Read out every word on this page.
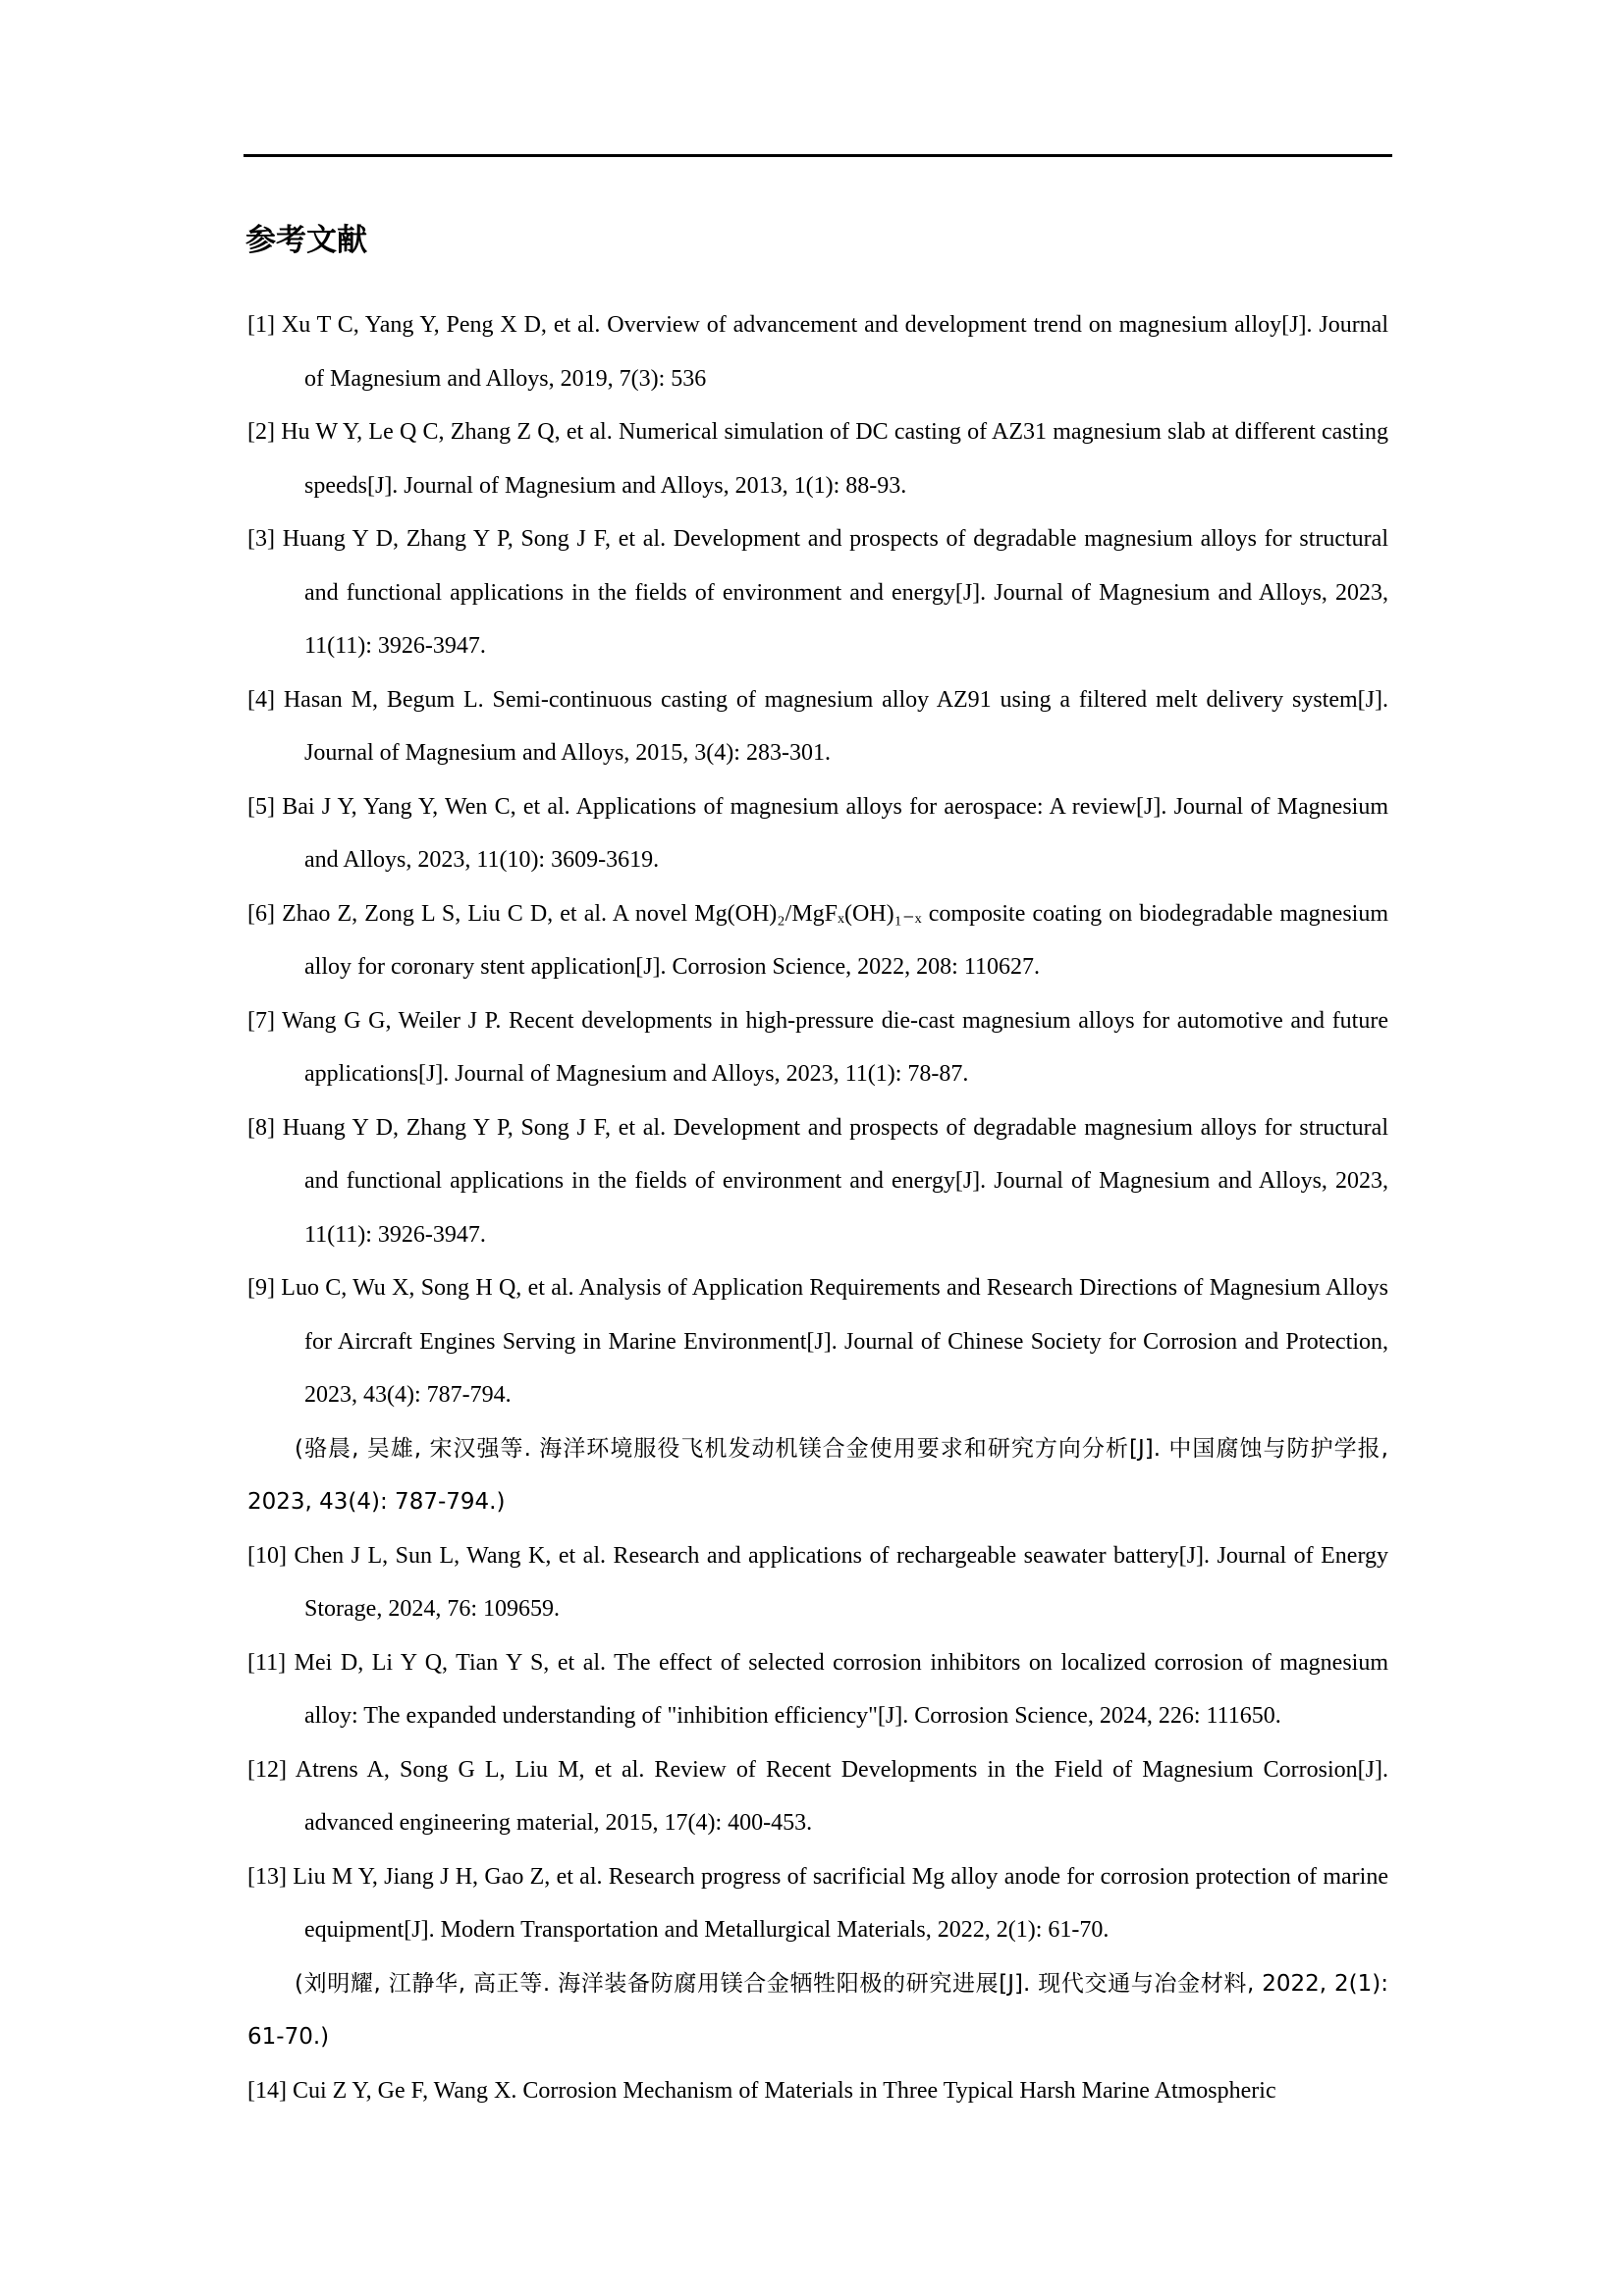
参考文献

[1] Xu T C, Yang Y, Peng X D, et al. Overview of advancement and development trend on magnesium alloy[J]. Journal of Magnesium and Alloys, 2019, 7(3): 536

[2] Hu W Y, Le Q C, Zhang Z Q, et al. Numerical simulation of DC casting of AZ31 magnesium slab at different casting speeds[J]. Journal of Magnesium and Alloys, 2013, 1(1): 88-93.

[3] Huang Y D, Zhang Y P, Song J F, et al. Development and prospects of degradable magnesium alloys for structural and functional applications in the fields of environment and energy[J]. Journal of Magnesium and Alloys, 2023, 11(11): 3926-3947.

[4] Hasan M, Begum L. Semi-continuous casting of magnesium alloy AZ91 using a filtered melt delivery system[J]. Journal of Magnesium and Alloys, 2015, 3(4): 283-301.

[5] Bai J Y, Yang Y, Wen C, et al. Applications of magnesium alloys for aerospace: A review[J]. Journal of Magnesium and Alloys, 2023, 11(10): 3609-3619.

[6] Zhao Z, Zong L S, Liu C D, et al. A novel Mg(OH)₂/MgFₓ(OH)₁₋ₓ composite coating on biodegradable magnesium alloy for coronary stent application[J]. Corrosion Science, 2022, 208: 110627.

[7] Wang G G, Weiler J P. Recent developments in high-pressure die-cast magnesium alloys for automotive and future applications[J]. Journal of Magnesium and Alloys, 2023, 11(1): 78-87.

[8] Huang Y D, Zhang Y P, Song J F, et al. Development and prospects of degradable magnesium alloys for structural and functional applications in the fields of environment and energy[J]. Journal of Magnesium and Alloys, 2023, 11(11): 3926-3947.

[9] Luo C, Wu X, Song H Q, et al. Analysis of Application Requirements and Research Directions of Magnesium Alloys for Aircraft Engines Serving in Marine Environment[J]. Journal of Chinese Society for Corrosion and Protection, 2023, 43(4): 787-794.

(骆晨, 吴雄, 宋汉强等. 海洋环境服役飞机发动机镁合金使用要求和研究方向分析[J]. 中国腐蚀与防护学报, 2023, 43(4): 787-794.)

[10] Chen J L, Sun L, Wang K, et al. Research and applications of rechargeable seawater battery[J]. Journal of Energy Storage, 2024, 76: 109659.

[11] Mei D, Li Y Q, Tian Y S, et al. The effect of selected corrosion inhibitors on localized corrosion of magnesium alloy: The expanded understanding of "inhibition efficiency"[J]. Corrosion Science, 2024, 226: 111650.

[12] Atrens A, Song G L, Liu M, et al. Review of Recent Developments in the Field of Magnesium Corrosion[J]. advanced engineering material, 2015, 17(4): 400-453.

[13] Liu M Y, Jiang J H, Gao Z, et al. Research progress of sacrificial Mg alloy anode for corrosion protection of marine equipment[J]. Modern Transportation and Metallurgical Materials, 2022, 2(1): 61-70.

(刘明耀, 江静华, 高正等. 海洋装备防腐用镁合金牺牲阳极的研究进展[J]. 现代交通与冶金材料, 2022, 2(1): 61-70.)

[14] Cui Z Y, Ge F, Wang X. Corrosion Mechanism of Materials in Three Typical Harsh Marine Atmospheric
